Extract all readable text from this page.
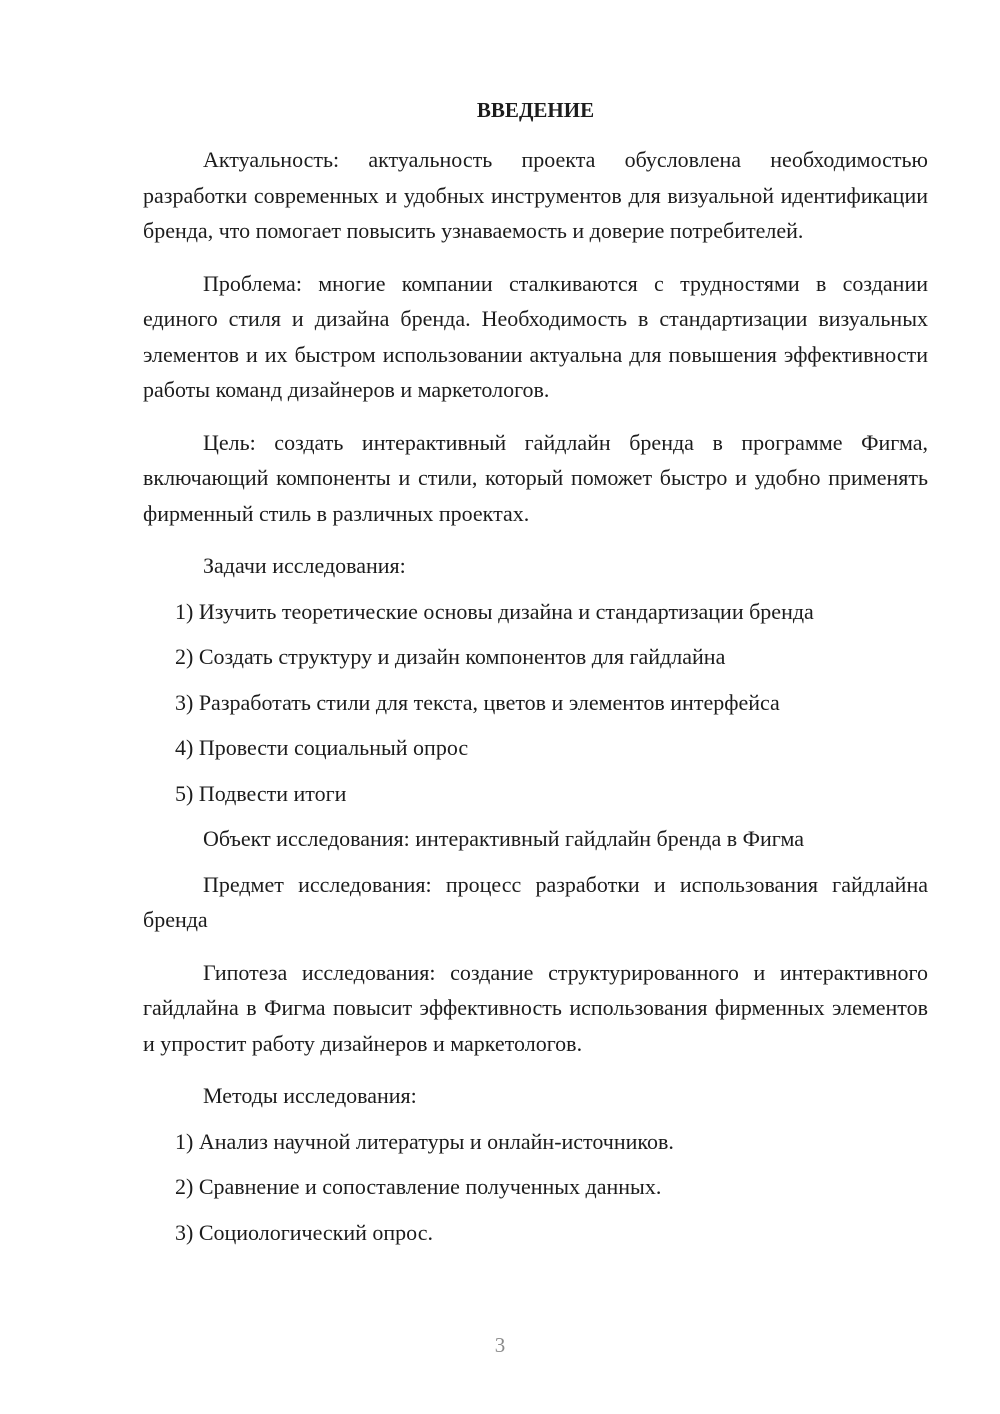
ВВЕДЕНИЕ

Актуальность: актуальность проекта обусловлена необходимостью разработки современных и удобных инструментов для визуальной идентификации бренда, что помогает повысить узнаваемость и доверие потребителей.

Проблема: многие компании сталкиваются с трудностями в создании единого стиля и дизайна бренда. Необходимость в стандартизации визуальных элементов и их быстром использовании актуальна для повышения эффективности работы команд дизайнеров и маркетологов.

Цель: создать интерактивный гайдлайн бренда в программе Фигма, включающий компоненты и стили, который поможет быстро и удобно применять фирменный стиль в различных проектах.

Задачи исследования:

1) Изучить теоретические основы дизайна и стандартизации бренда

2) Создать структуру и дизайн компонентов для гайдлайна

3) Разработать стили для текста, цветов и элементов интерфейса

4) Провести социальный опрос

5) Подвести итоги

Объект исследования: интерактивный гайдлайн бренда в Фигма

Предмет исследования: процесс разработки и использования гайдлайна бренда

Гипотеза исследования: создание структурированного и интерактивного гайдлайна в Фигма повысит эффективность использования фирменных элементов и упростит работу дизайнеров и маркетологов.

Методы исследования:

1) Анализ научной литературы и онлайн-источников.

2) Сравнение и сопоставление полученных данных.

3) Социологический опрос.

3
